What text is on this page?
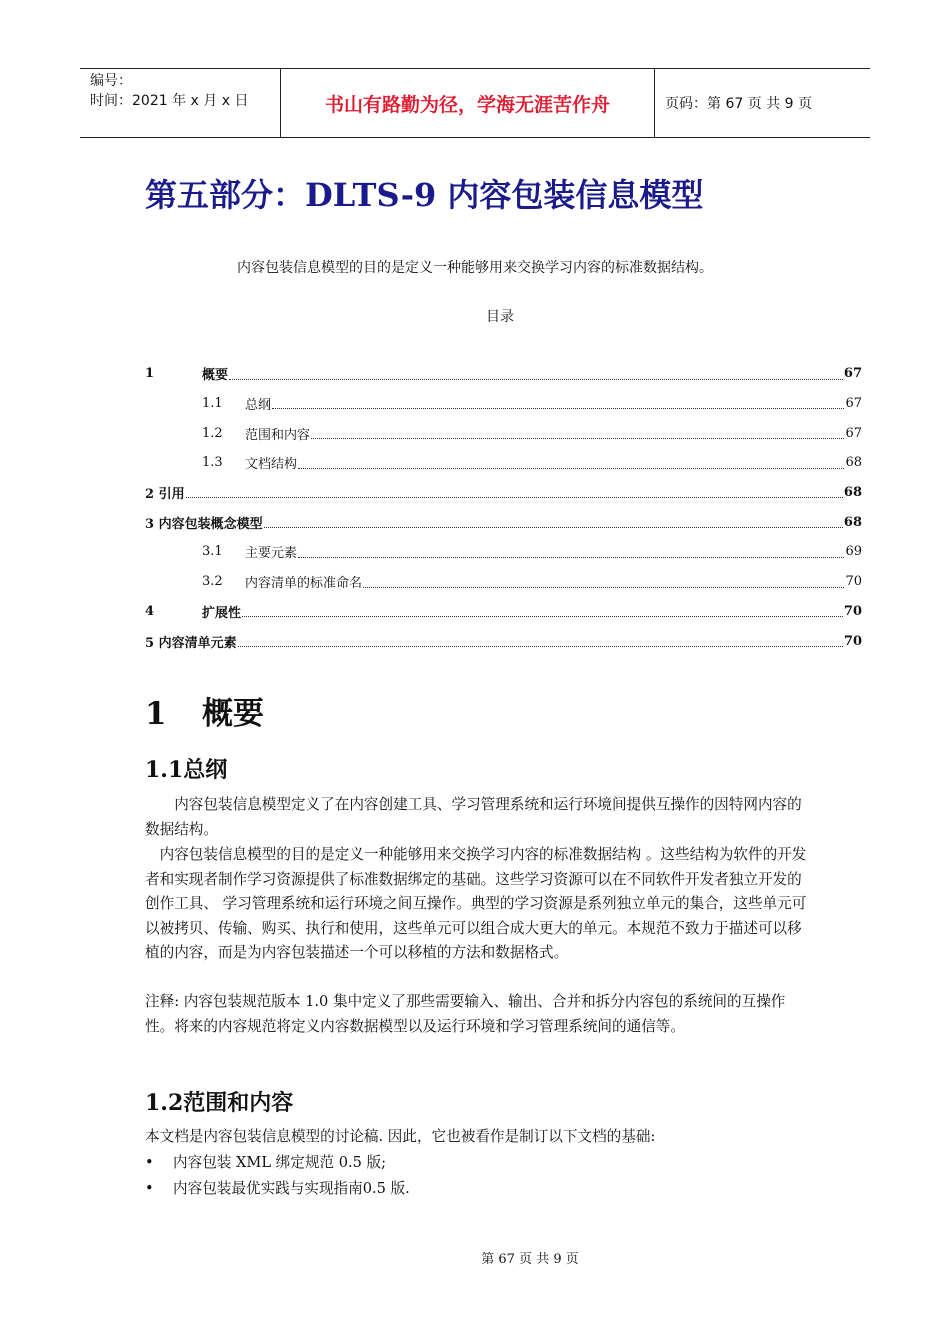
编号：
时间：2021 年 x 月 x 日	书山有路勤为径，学海无涯苦作舟	页码：第 67 页 共 9 页
第五部分：DLTS-9 内容包装信息模型
内容包装信息模型的目的是定义一种能够用来交换学习内容的标准数据结构。
目录
1	概要	67
1.1	总纲	67
1.2	范围和内容	67
1.3	文档结构	68
2 引用	68
3 内容包装概念模型	68
3.1	主要元素	69
3.2	内容清单的标准命名	70
4	扩展性	70
5 内容清单元素	70
1 概要
1.1总纲
内容包装信息模型定义了在内容创建工具、学习管理系统和运行环境间提供互操作的因特网内容的数据结构。
内容包装信息模型的目的是定义一种能够用来交换学习内容的标准数据结构 。这些结构为软件的开发者和实现者制作学习资源提供了标准数据绑定的基础。这些学习资源可以在不同软件开发者独立开发的创作工具、 学习管理系统和运行环境之间互操作。典型的学习资源是系列独立单元的集合，这些单元可以被拷贝、传输、购买、执行和使用，这些单元可以组合成大更大的单元。本规范不致力于描述可以移植的内容，而是为内容包装描述一个可以移植的方法和数据格式。
注释: 内容包装规范版本 1.0 集中定义了那些需要输入、输出、合并和拆分内容包的系统间的互操作性。将来的内容规范将定义内容数据模型以及运行环境和学习管理系统间的通信等。
1.2范围和内容
本文档是内容包装信息模型的讨论稿. 因此，它也被看作是制订以下文档的基础:
•	内容包装 XML 绑定规范 0.5 版;
•	内容包装最优实践与实现指南0.5 版.
第 67 页 共 9 页
